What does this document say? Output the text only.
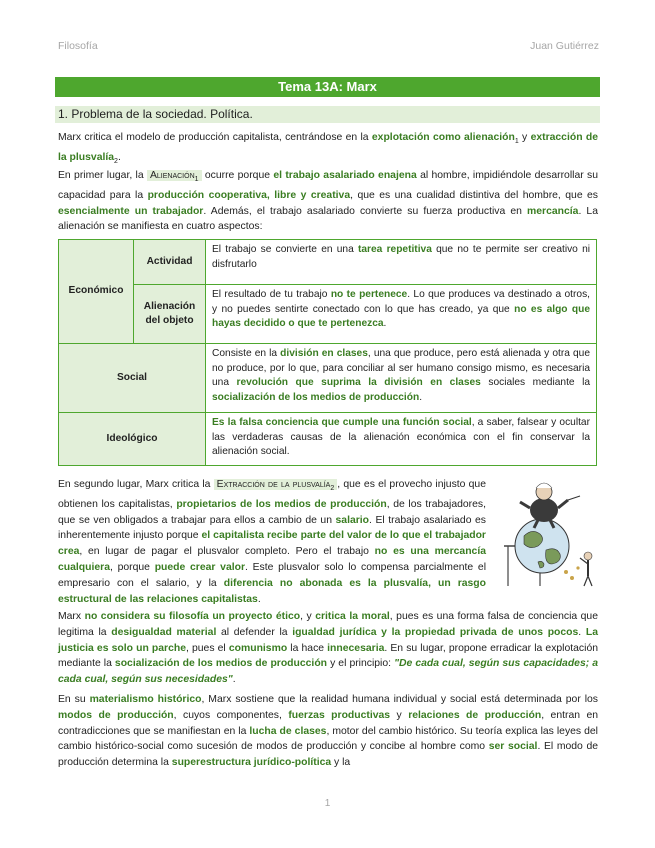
Filosofía	Juan Gutiérrez
Tema 13A: Marx
1. Problema de la sociedad. Política.

Marx critica el modelo de producción capitalista, centrándose en la explotación como alienación$_1$ y extracción de la plusvalía$_2$.

En primer lugar, la Alienación$_1$ ocurre porque el trabajo asalariado enajena al hombre, impidiéndole desarrollar su capacidad para la producción cooperativa, libre y creativa, que es una cualidad distintiva del hombre, que es esencialmente un trabajador. Además, el trabajo asalariado convierte su fuerza productiva en mercancía. La alienación se manifiesta en cuatro aspectos:

Económico	Actividad	El trabajo se convierte en una tarea repetitiva que no te permite ser creativo ni disfrutarlo
	Alienación del objeto	El resultado de tu trabajo no te pertenece. Lo que produces va destinado a otros, y no puedes sentirte conectado con lo que has creado, ya que no es algo que hayas decidido o que te pertenezca.
Social		Consiste en la división en clases, una que produce, pero está alienada y otra que no produce, por lo que, para conciliar al ser humano consigo mismo, es necesaria una revolución que suprima la división en clases sociales mediante la socialización de los medios de producción.
Ideológico		Es la falsa conciencia que cumple una función social, a saber, falsear y ocultar las verdaderas causas de la alienación económica con el fin conservar la alienación social.

En segundo lugar, Marx critica la Extracción de la plusvalía$_2$ , que es el provecho injusto que obtienen los capitalistas, propietarios de los medios de producción, de los trabajadores, que se ven obligados a trabajar para ellos a cambio de un salario. El trabajo asalariado es inherentemente injusto porque el capitalista recibe parte del valor de lo que el trabajador crea, en lugar de pagar el plusvalor completo. Pero el trabajo no es una mercancía cualquiera, porque puede crear valor. Este plusvalor solo lo compensa parcialmente el empresario con el salario, y la diferencia no abonada es la plusvalía, un rasgo estructural de las relaciones capitalistas.

Marx no considera su filosofía un proyecto ético, y critica la moral, pues es una forma falsa de conciencia que legitima la desigualdad material al defender la igualdad jurídica y la propiedad privada de unos pocos. La justicia es solo un parche, pues el comunismo la hace innecesaria. En su lugar, propone erradicar la explotación mediante la socialización de los medios de producción y el principio: "De cada cual, según sus capacidades; a cada cual, según sus necesidades".

En su materialismo histórico, Marx sostiene que la realidad humana individual y social está determinada por los modos de producción, cuyos componentes, fuerzas productivas y relaciones de producción, entran en contradicciones que se manifiestan en la lucha de clases, motor del cambio histórico. Su teoría explica las leyes del cambio histórico-social como sucesión de modos de producción y concibe al hombre como ser social. El modo de producción determina la superestructura jurídico-política y la

1
